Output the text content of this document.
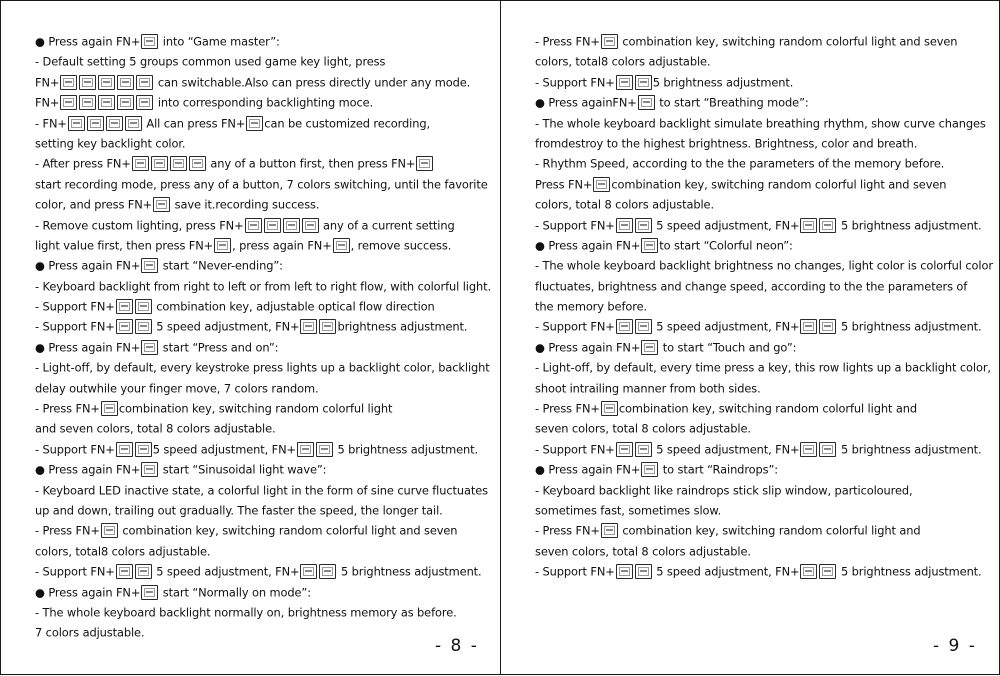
● Press again FN+ into “Game master”:
- Default setting 5 groups common used game key light, press
FN+	can switchable.Also can press directly under any mode.
FN+	into corresponding backlighting moce.
- FN+	All can press FN+ can be customized recording,
setting key backlight color.
- After press FN+	any of a button first, then press FN+
start recording mode, press any of a button, 7 colors switching, until the favorite
color, and press FN+ save it.recording success.
- Remove custom lighting, press FN+	any of a current setting
light value first, then press FN+ , press again FN+ , remove success.
● Press again FN+ start “Never-ending”:
- Keyboard backlight from right to left or from left to right flow, with colorful light.
- Support FN+	combination key, adjustable optical flow direction
- Support FN+	5 speed adjustment, FN+	brightness adjustment.
● Press again FN+ start “Press and on”:
- Light-off, by default, every keystroke press lights up a backlight color, backlight
delay outwhile your finger move, 7 colors random.
- Press FN+ combination key, switching random colorful light
and seven colors, total 8 colors adjustable.
- Support FN+	5 speed adjustment, FN+	5 brightness adjustment.
● Press again FN+ start “Sinusoidal light wave”:
- Keyboard LED inactive state, a colorful light in the form of sine curve fluctuates
up and down, trailing out gradually. The faster the speed, the longer tail.
- Press FN+ combination key, switching random colorful light and seven
colors, total8 colors adjustable.
- Support FN+	5 speed adjustment, FN+	5 brightness adjustment.
● Press again FN+ start “Normally on mode”:
- The whole keyboard backlight normally on, brightness memory as before.
7 colors adjustable.
- 8 -
- Press FN+ combination key, switching random colorful light and seven
colors, total8 colors adjustable.
- Support FN+	5 brightness adjustment.
● Press againFN+ to start “Breathing mode”:
- The whole keyboard backlight simulate breathing rhythm, show curve changes
fromdestroy to the highest brightness. Brightness, color and breath.
- Rhythm Speed, according to the the parameters of the memory before.
Press FN+ combination key, switching random colorful light and seven
colors, total 8 colors adjustable.
- Support FN+	5 speed adjustment, FN+	5 brightness adjustment.
● Press again FN+ to start “Colorful neon”:
- The whole keyboard backlight brightness no changes, light color is colorful color
fluctuates, brightness and change speed, according to the the parameters of
the memory before.
- Support FN+	5 speed adjustment, FN+	5 brightness adjustment.
● Press again FN+ to start “Touch and go”:
- Light-off, by default, every time press a key, this row lights up a backlight color,
shoot intrailing manner from both sides.
- Press FN+ combination key, switching random colorful light and
seven colors, total 8 colors adjustable.
- Support FN+	5 speed adjustment, FN+	5 brightness adjustment.
● Press again FN+ to start “Raindrops”:
- Keyboard backlight like raindrops stick slip window, particoloured,
sometimes fast, sometimes slow.
- Press FN+ combination key, switching random colorful light and
seven colors, total 8 colors adjustable.
- Support FN+	5 speed adjustment, FN+	5 brightness adjustment.
- 9 -
